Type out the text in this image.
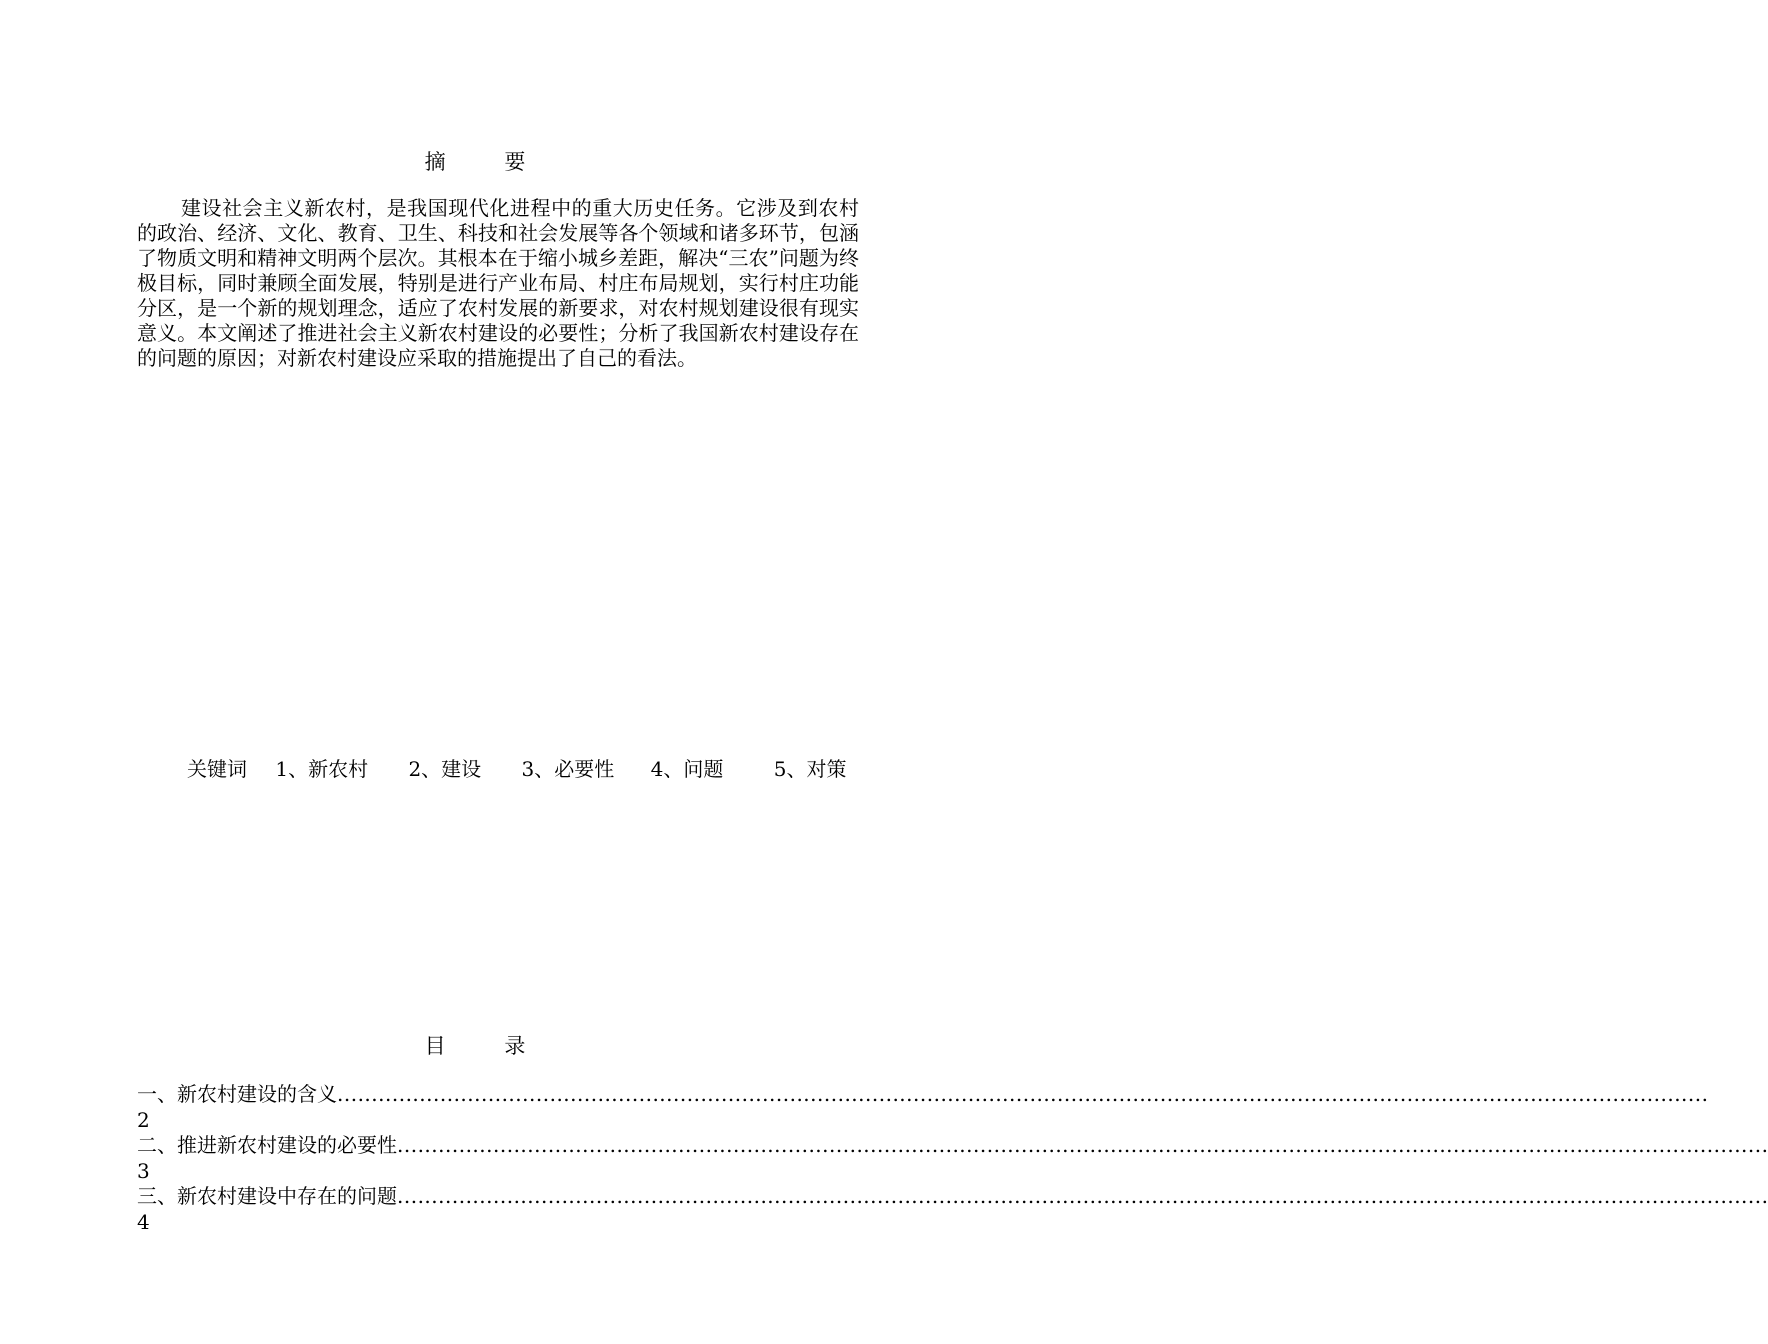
摘 要

建设社会主义新农村，是我国现代化进程中的重大历史任务。它涉及到农村的政治、经济、文化、教育、卫生、科技和社会发展等各个领域和诸多环节，包涵了物质文明和精神文明两个层次。其根本在于缩小城乡差距，解决“三农”问题为终极目标，同时兼顾全面发展，特别是进行产业布局、村庄布局规划，实行村庄功能分区，是一个新的规划理念，适应了农村发展的新要求，对农村规划建设很有现实意义。本文阐述了推进社会主义新农村建设的必要性；分析了我国新农村建设存在的问题的原因；对新农村建设应采取的措施提出了自己的看法。

关键词 1、新农村 2、建设 3、必要性 4、问题	5、对策
目 录
一、新农村建设的含义 ........................................................................................................................................................................................................
2
二、推进新农村建设的必要性 ........................................................................................................................................................................................................
3
三、新农村建设中存在的问题 ........................................................................................................................................................................................................
4
